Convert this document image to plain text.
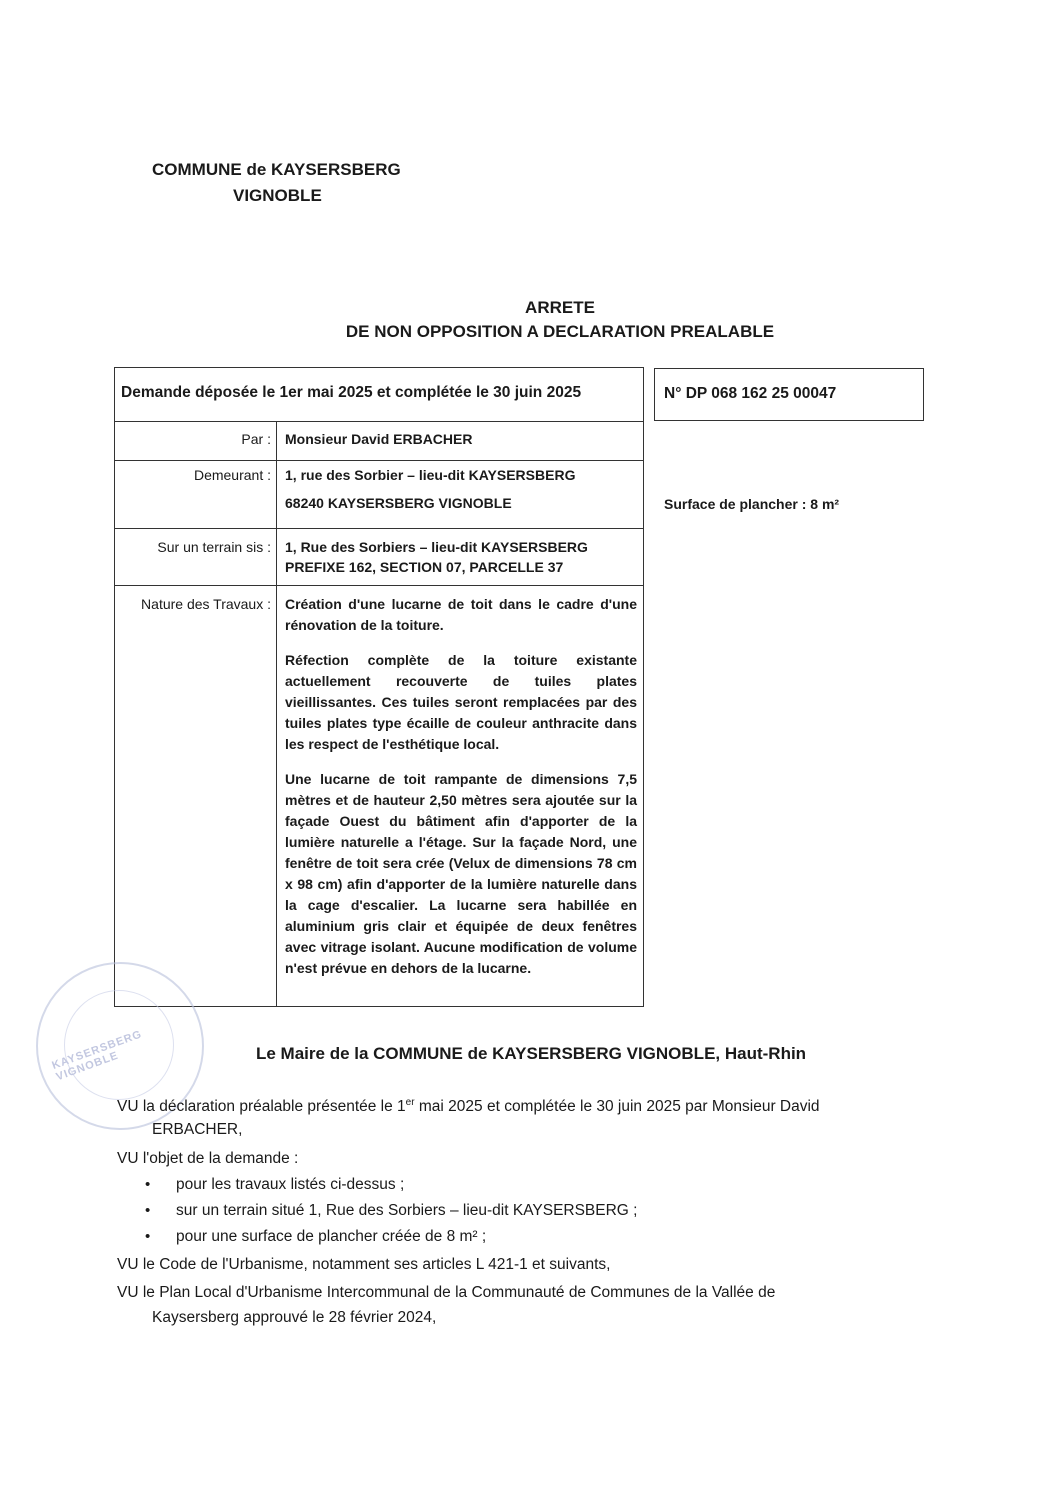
COMMUNE de KAYSERSBERG
VIGNOBLE
ARRETE
DE NON OPPOSITION A DECLARATION PREALABLE
Demande déposée le 1er mai 2025 et complétée le 30 juin 2025	N° DP 068 162 25 00047
Par : Monsieur David ERBACHER
Demeurant : 1, rue des Sorbier – lieu-dit KAYSERSBERG
68240 KAYSERSBERG VIGNOBLE
Sur un terrain sis : 1, Rue des Sorbiers – lieu-dit KAYSERSBERG
PREFIXE 162, SECTION 07, PARCELLE 37
Nature des Travaux : Création d'une lucarne de toit dans le cadre d'une rénovation de la toiture.
Réfection complète de la toiture existante actuellement recouverte de tuiles plates vieillissantes. Ces tuiles seront remplacées par des tuiles plates type écaille de couleur anthracite dans les respect de l'esthétique local.
Une lucarne de toit rampante de dimensions 7,5 mètres et de hauteur 2,50 mètres sera ajoutée sur la façade Ouest du bâtiment afin d'apporter de la lumière naturelle a l'étage. Sur la façade Nord, une fenêtre de toit sera crée (Velux de dimensions 78 cm x 98 cm) afin d'apporter de la lumière naturelle dans la cage d'escalier. La lucarne sera habillée en aluminium gris clair et équipée de deux fenêtres avec vitrage isolant. Aucune modification de volume n'est prévue en dehors de la lucarne.
Surface de plancher : 8 m²
KAYSERSBERG VIGNOBLE	Le Maire de la COMMUNE de KAYSERSBERG VIGNOBLE, Haut-Rhin
VU la déclaration préalable présentée le 1er mai 2025 et complétée le 30 juin 2025 par Monsieur David
ERBACHER,
VU l'objet de la demande :
• pour les travaux listés ci-dessus ;
• sur un terrain situé 1, Rue des Sorbiers – lieu-dit KAYSERSBERG ;
• pour une surface de plancher créée de 8 m² ;
VU le Code de l'Urbanisme, notamment ses articles L 421-1 et suivants,
VU le Plan Local d'Urbanisme Intercommunal de la Communauté de Communes de la Vallée de
Kaysersberg approuvé le 28 février 2024,
